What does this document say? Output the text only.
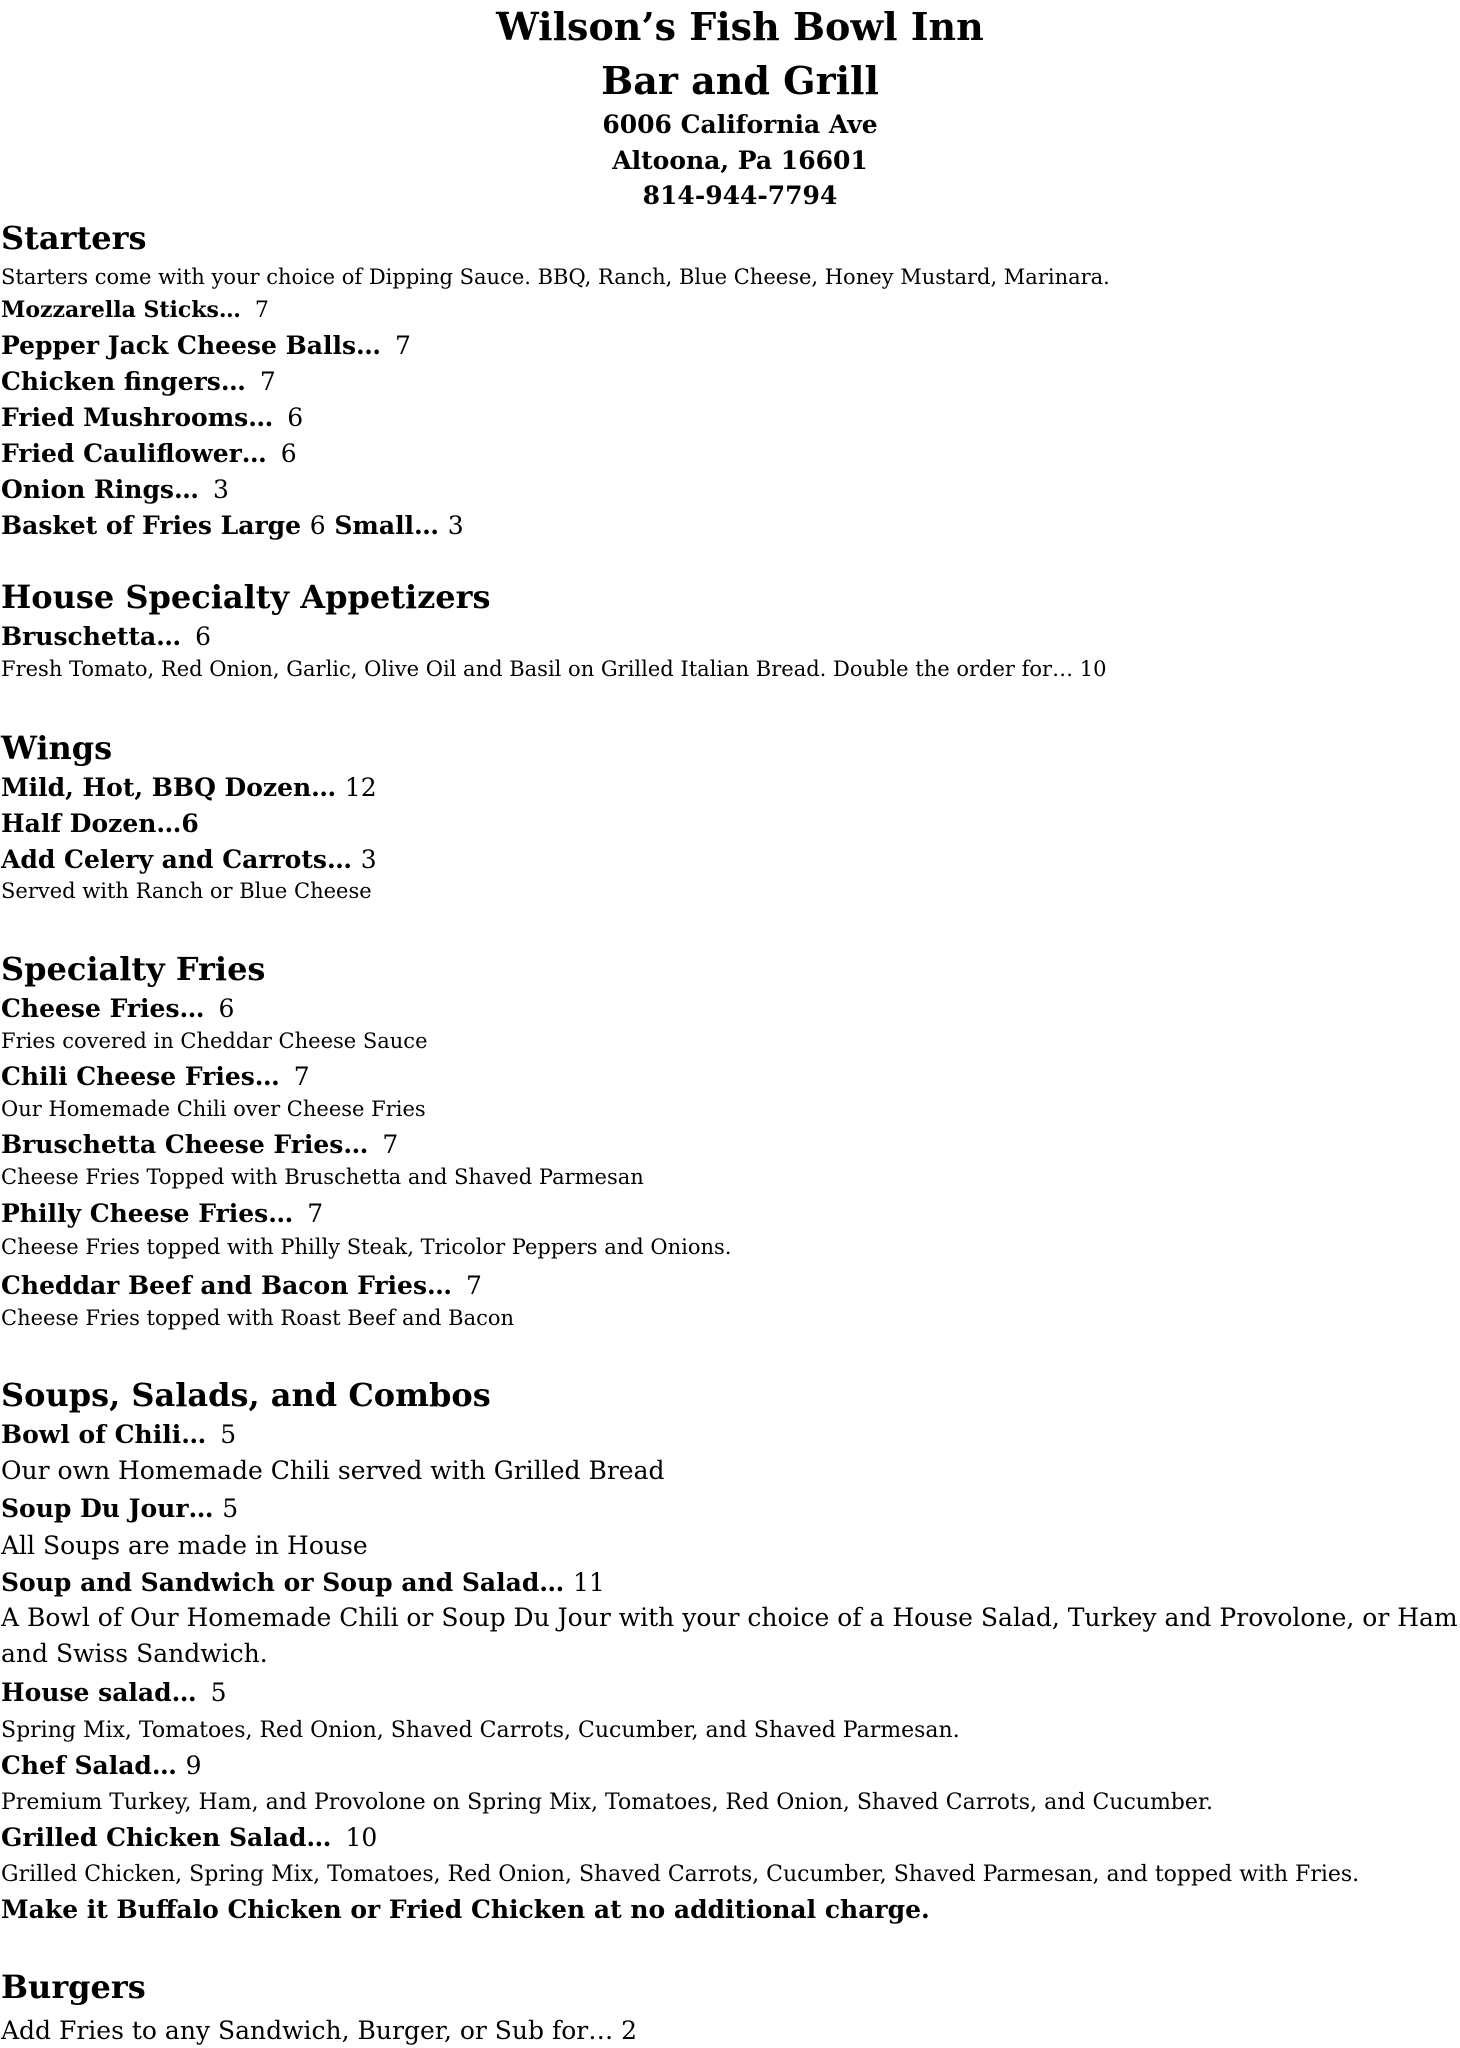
Wilson’s Fish Bowl Inn
Bar and Grill
6006 California Ave
Altoona, Pa 16601
814-944-7794
Starters
Starters come with your choice of Dipping Sauce. BBQ, Ranch, Blue Cheese, Honey Mustard, Marinara.
Mozzarella Sticks… 7
Pepper Jack Cheese Balls… 7
Chicken fingers… 7
Fried Mushrooms… 6
Fried Cauliflower… 6
Onion Rings… 3
Basket of Fries Large 6 Small… 3
House Specialty Appetizers
Bruschetta… 6
Fresh Tomato, Red Onion, Garlic, Olive Oil and Basil on Grilled Italian Bread. Double the order for… 10
Wings
Mild, Hot, BBQ Dozen… 12
Half Dozen…6
Add Celery and Carrots… 3
Served with Ranch or Blue Cheese
Specialty Fries
Cheese Fries… 6
Fries covered in Cheddar Cheese Sauce
Chili Cheese Fries… 7
Our Homemade Chili over Cheese Fries
Bruschetta Cheese Fries… 7
Cheese Fries Topped with Bruschetta and Shaved Parmesan
Philly Cheese Fries… 7
Cheese Fries topped with Philly Steak, Tricolor Peppers and Onions.
Cheddar Beef and Bacon Fries… 7
Cheese Fries topped with Roast Beef and Bacon
Soups, Salads, and Combos
Bowl of Chili… 5
Our own Homemade Chili served with Grilled Bread
Soup Du Jour… 5
All Soups are made in House
Soup and Sandwich or Soup and Salad… 11
A Bowl of Our Homemade Chili or Soup Du Jour with your choice of a House Salad, Turkey and Provolone, or Ham and Swiss Sandwich.
House salad… 5
Spring Mix, Tomatoes, Red Onion, Shaved Carrots, Cucumber, and Shaved Parmesan.
Chef Salad… 9
Premium Turkey, Ham, and Provolone on Spring Mix, Tomatoes, Red Onion, Shaved Carrots, and Cucumber.
Grilled Chicken Salad… 10
Grilled Chicken, Spring Mix, Tomatoes, Red Onion, Shaved Carrots, Cucumber, Shaved Parmesan, and topped with Fries.
Make it Buffalo Chicken or Fried Chicken at no additional charge.
Burgers
Add Fries to any Sandwich, Burger, or Sub for… 2
